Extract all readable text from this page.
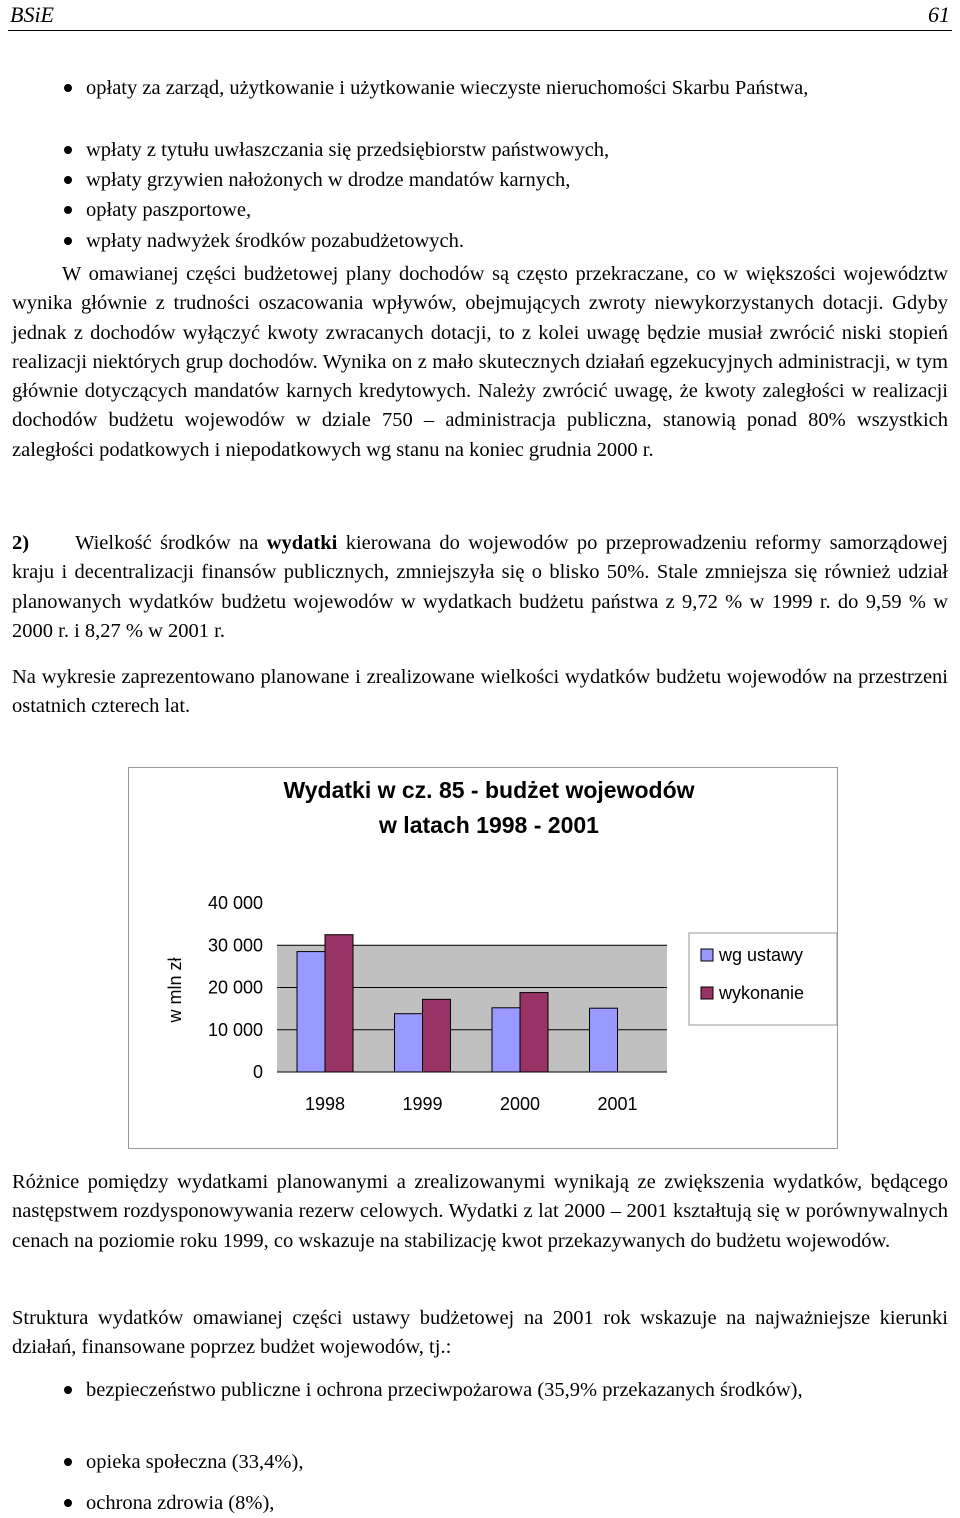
BSiE	61
opłaty za zarząd, użytkowanie i użytkowanie wieczyste nieruchomości Skarbu Państwa,
wpłaty z tytułu uwłaszczania się przedsiębiorstw państwowych,
wpłaty grzywien nałożonych w drodze mandatów karnych,
opłaty paszportowe,
wpłaty nadwyżek środków pozabudżetowych.
W omawianej części budżetowej plany dochodów są często przekraczane, co w większości województw wynika głównie z trudności oszacowania wpływów, obejmujących zwroty niewykorzystanych dotacji. Gdyby jednak z dochodów wyłączyć kwoty zwracanych dotacji, to z kolei uwagę będzie musiał zwrócić niski stopień realizacji niektórych grup dochodów. Wynika on z mało skutecznych działań egzekucyjnych administracji, w tym głównie dotyczących mandatów karnych kredytowych. Należy zwrócić uwagę, że kwoty zaległości w realizacji dochodów budżetu wojewodów w dziale 750 – administracja publiczna, stanowią ponad 80% wszystkich zaległości podatkowych i niepodatkowych wg stanu na koniec grudnia 2000 r.
2) Wielkość środków na wydatki kierowana do wojewodów po przeprowadzeniu reformy samorządowej kraju i decentralizacji finansów publicznych, zmniejszyła się o blisko 50%. Stale zmniejsza się również udział planowanych wydatków budżetu wojewodów w wydatkach budżetu państwa z 9,72 % w 1999 r. do 9,59 % w 2000 r. i 8,27 % w 2001 r.
Na wykresie zaprezentowano planowane i zrealizowane wielkości wydatków budżetu wojewodów na przestrzeni ostatnich czterech lat.
Wydatki w cz. 85 - budżet wojewodów
w latach 1998 - 2001
w mln zł
0
10 000
20 000
30 000
40 000
1998	1999	2000	2001
wg ustawy
wykonanie
Różnice pomiędzy wydatkami planowanymi a zrealizowanymi wynikają ze zwiększenia wydatków, będącego następstwem rozdysponowywania rezerw celowych. Wydatki z lat 2000 – 2001 kształtują się w porównywalnych cenach na poziomie roku 1999, co wskazuje na stabilizację kwot przekazywanych do budżetu wojewodów.
Struktura wydatków omawianej części ustawy budżetowej na 2001 rok wskazuje na najważniejsze kierunki działań, finansowane poprzez budżet wojewodów, tj.:
bezpieczeństwo publiczne i ochrona przeciwpożarowa (35,9% przekazanych środków),
opieka społeczna (33,4%),
ochrona zdrowia (8%),
